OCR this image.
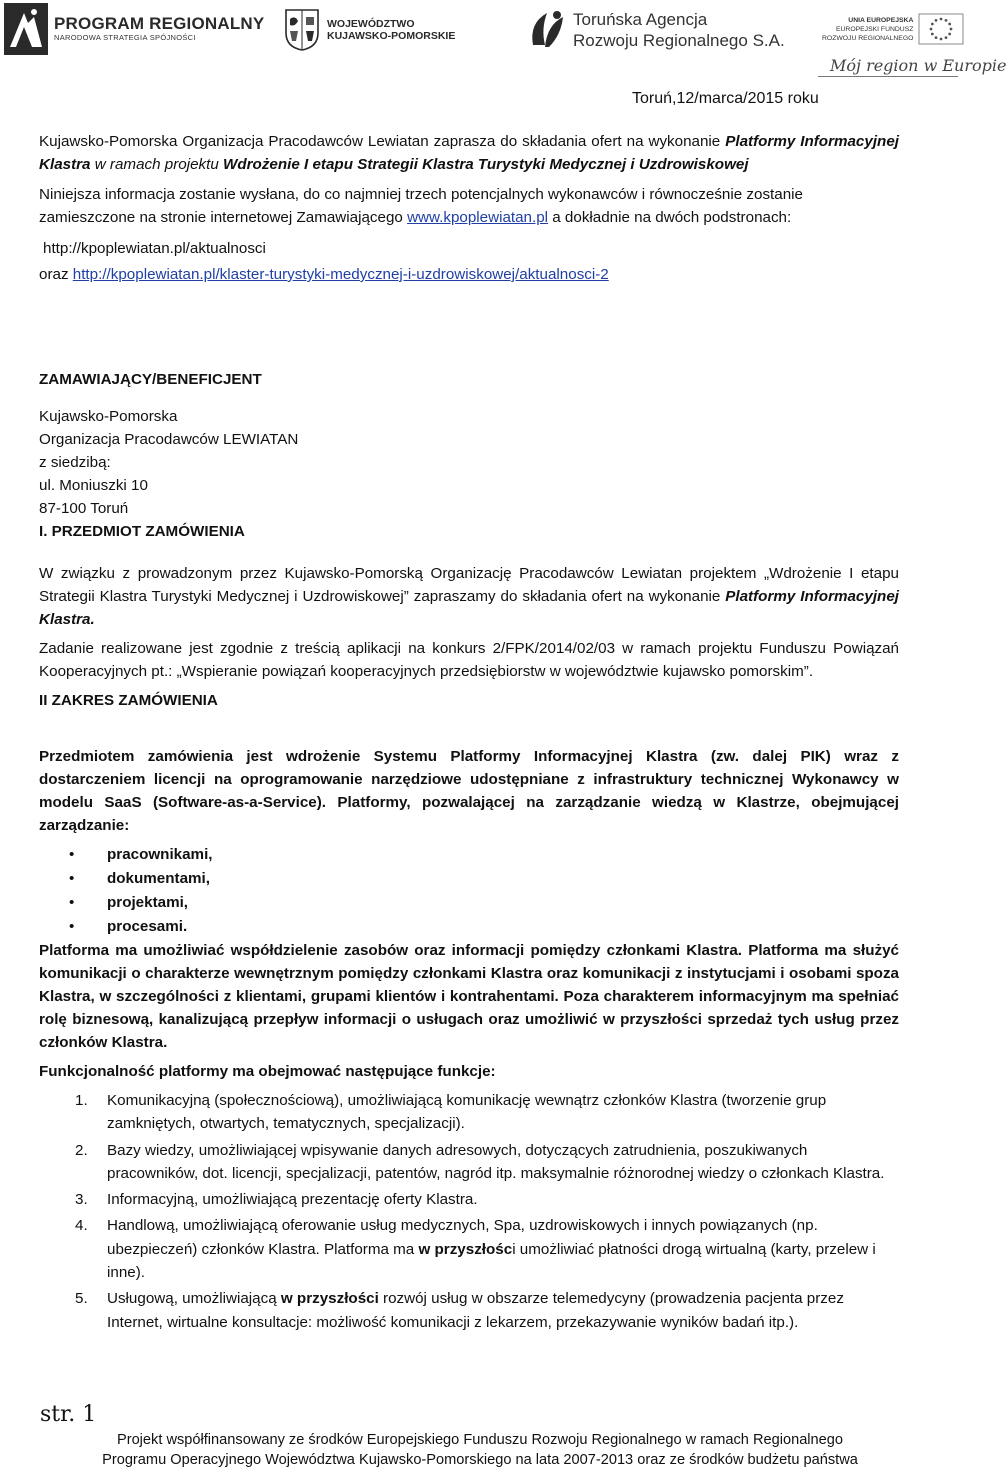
PROGRAM REGIONALNY
NARODOWA STRATEGIA SPÓJNOŚCI
WOJEWÓDZTWO
KUJAWSKO-POMORSKIE
Toruńska Agencja
Rozwoju Regionalnego S.A.
UNIA EUROPEJSKA
EUROPEJSKI FUNDUSZ
ROZWOJU REGIONALNEGO
Mój region w Europie
Toruń,12/marca/2015 roku

Kujawsko-Pomorska Organizacja Pracodawców Lewiatan zaprasza do składania ofert na wykonanie Platformy Informacyjnej Klastra w ramach projektu Wdrożenie I etapu Strategii Klastra Turystyki Medycznej i Uzdrowiskowej

Niniejsza informacja zostanie wysłana, do co najmniej trzech potencjalnych wykonawców i równocześnie zostanie zamieszczone na stronie internetowej Zamawiającego www.kpoplewiatan.pl a dokładnie na dwóch podstronach:

http://kpoplewiatan.pl/aktualnosci

oraz http://kpoplewiatan.pl/klaster-turystyki-medycznej-i-uzdrowiskowej/aktualnosci-2

ZAMAWIAJĄCY/BENEFICJENT

Kujawsko-Pomorska
Organizacja Pracodawców LEWIATAN
z siedzibą:
ul. Moniuszki 10
87-100 Toruń

I. PRZEDMIOT ZAMÓWIENIA

W związku z prowadzonym przez Kujawsko-Pomorską Organizację Pracodawców Lewiatan projektem „Wdrożenie I etapu Strategii Klastra Turystyki Medycznej i Uzdrowiskowej” zapraszamy do składania ofert na wykonanie Platformy Informacyjnej Klastra.

Zadanie realizowane jest zgodnie z treścią aplikacji na konkurs 2/FPK/2014/02/03 w ramach projektu Funduszu Powiązań Kooperacyjnych pt.: „Wspieranie powiązań kooperacyjnych przedsiębiorstw w województwie kujawsko pomorskim”.

II ZAKRES ZAMÓWIENIA

Przedmiotem zamówienia jest wdrożenie Systemu Platformy Informacyjnej Klastra (zw. dalej PIK) wraz z dostarczeniem licencji na oprogramowanie narzędziowe udostępniane z infrastruktury technicznej Wykonawcy w modelu SaaS (Software-as-a-Service). Platformy, pozwalającej na zarządzanie wiedzą w Klastrze, obejmującej zarządzanie:

• pracownikami,
• dokumentami,
• projektami,
• procesami.

Platforma ma umożliwiać współdzielenie zasobów oraz informacji pomiędzy członkami Klastra. Platforma ma służyć komunikacji o charakterze wewnętrznym pomiędzy członkami Klastra oraz komunikacji z instytucjami i osobami spoza Klastra, w szczególności z klientami, grupami klientów i kontrahentami. Poza charakterem informacyjnym ma spełniać rolę biznesową, kanalizującą przepływ informacji o usługach oraz umożliwić w przyszłości sprzedaż tych usług przez członków Klastra.

Funkcjonalność platformy ma obejmować następujące funkcje:

1. Komunikacyjną (społecznościową), umożliwiającą komunikację wewnątrz członków Klastra (tworzenie grup zamkniętych, otwartych, tematycznych, specjalizacji).
2. Bazy wiedzy, umożliwiającej wpisywanie danych adresowych, dotyczących zatrudnienia, poszukiwanych pracowników, dot. licencji, specjalizacji, patentów, nagród itp. maksymalnie różnorodnej wiedzy o członkach Klastra.
3. Informacyjną, umożliwiającą prezentację oferty Klastra.
4. Handlową, umożliwiającą oferowanie usług medycznych, Spa, uzdrowiskowych i innych powiązanych (np. ubezpieczeń) członków Klastra. Platforma ma w przyszłości umożliwiać płatności drogą wirtualną (karty, przelew i inne).
5. Usługową, umożliwiającą w przyszłości rozwój usług w obszarze telemedycyny (prowadzenia pacjenta przez Internet, wirtualne konsultacje: możliwość komunikacji z lekarzem, przekazywanie wyników badań itp.).
str. 1
Projekt współfinansowany ze środków Europejskiego Funduszu Rozwoju Regionalnego w ramach Regionalnego
Programu Operacyjnego Województwa Kujawsko-Pomorskiego na lata 2007-2013 oraz ze środków budżetu państwa
